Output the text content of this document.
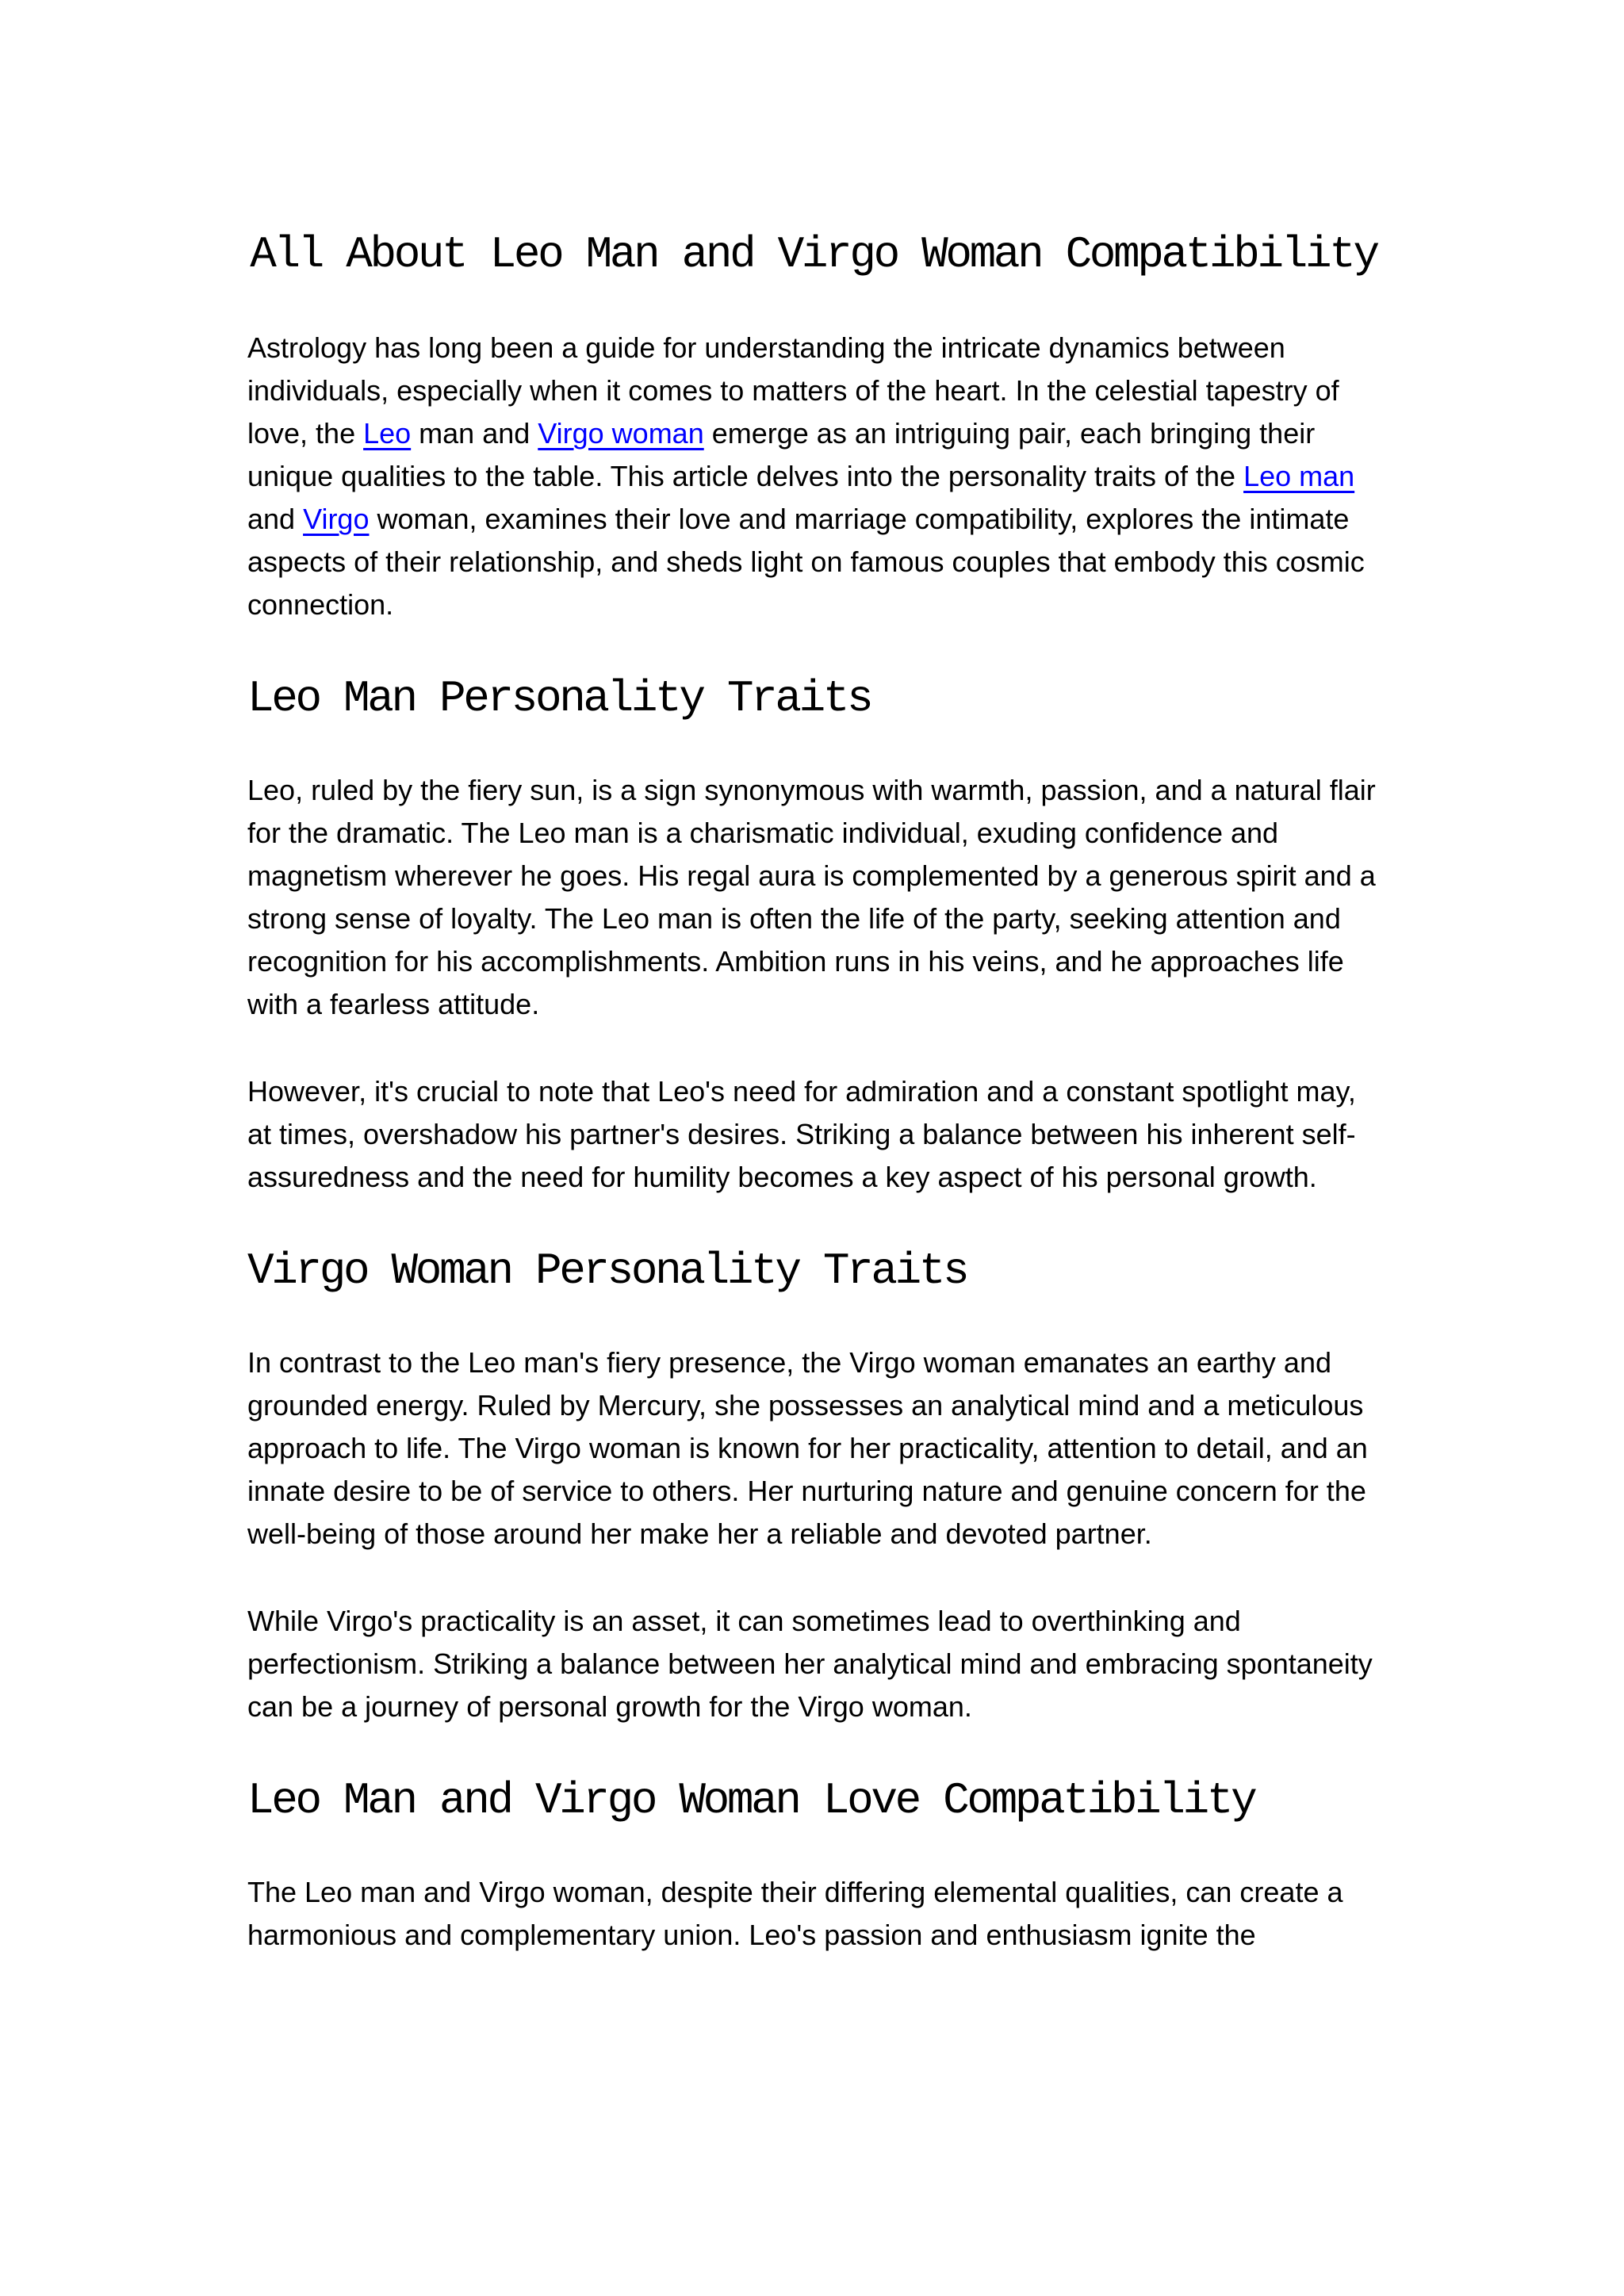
All About Leo Man and Virgo Woman Compatibility

Astrology has long been a guide for understanding the intricate dynamics between individuals, especially when it comes to matters of the heart. In the celestial tapestry of love, the Leo man and Virgo woman emerge as an intriguing pair, each bringing their unique qualities to the table. This article delves into the personality traits of the Leo man and Virgo woman, examines their love and marriage compatibility, explores the intimate aspects of their relationship, and sheds light on famous couples that embody this cosmic connection.

Leo Man Personality Traits

Leo, ruled by the fiery sun, is a sign synonymous with warmth, passion, and a natural flair for the dramatic. The Leo man is a charismatic individual, exuding confidence and magnetism wherever he goes. His regal aura is complemented by a generous spirit and a strong sense of loyalty. The Leo man is often the life of the party, seeking attention and recognition for his accomplishments. Ambition runs in his veins, and he approaches life with a fearless attitude.

However, it's crucial to note that Leo's need for admiration and a constant spotlight may, at times, overshadow his partner's desires. Striking a balance between his inherent self-assuredness and the need for humility becomes a key aspect of his personal growth.

Virgo Woman Personality Traits

In contrast to the Leo man's fiery presence, the Virgo woman emanates an earthy and grounded energy. Ruled by Mercury, she possesses an analytical mind and a meticulous approach to life. The Virgo woman is known for her practicality, attention to detail, and an innate desire to be of service to others. Her nurturing nature and genuine concern for the well-being of those around her make her a reliable and devoted partner.

While Virgo's practicality is an asset, it can sometimes lead to overthinking and perfectionism. Striking a balance between her analytical mind and embracing spontaneity can be a journey of personal growth for the Virgo woman.

Leo Man and Virgo Woman Love Compatibility

The Leo man and Virgo woman, despite their differing elemental qualities, can create a harmonious and complementary union. Leo's passion and enthusiasm ignite the
